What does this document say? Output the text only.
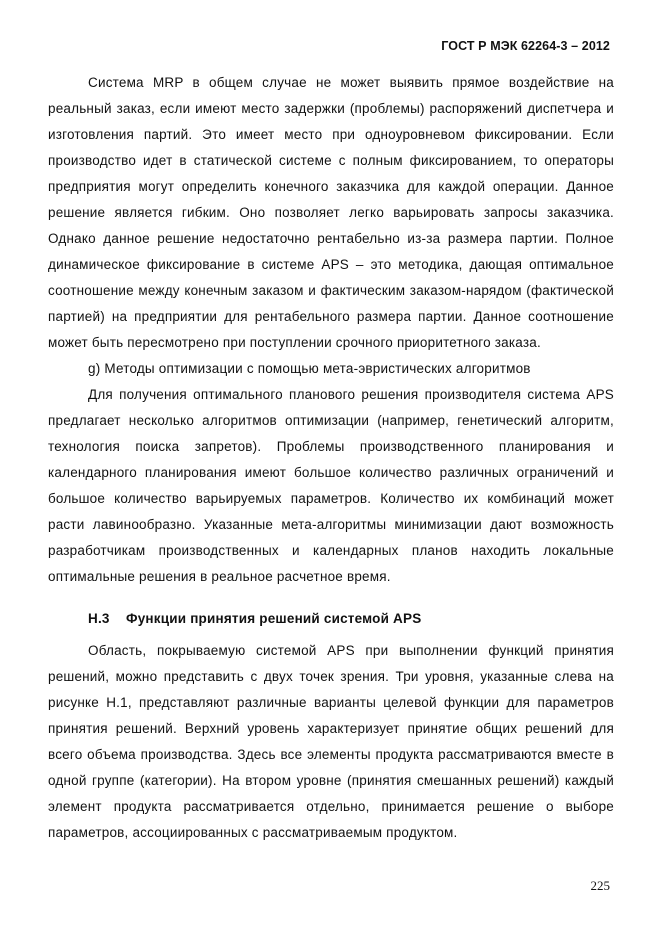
ГОСТ Р МЭК 62264-3 – 2012

Система MRP в общем случае не может выявить прямое воздействие на реальный заказ, если имеют место задержки (проблемы) распоряжений диспетчера и изготовления партий. Это имеет место при одноуровневом фиксировании. Если производство идет в статической системе с полным фиксированием, то операторы предприятия могут определить конечного заказчика для каждой операции. Данное решение является гибким. Оно позволяет легко варьировать запросы заказчика. Однако данное решение недостаточно рентабельно из-за размера партии. Полное динамическое фиксирование в системе APS – это методика, дающая оптимальное соотношение между конечным заказом и фактическим заказом-нарядом (фактической партией) на предприятии для рентабельного размера партии. Данное соотношение может быть пересмотрено при поступлении срочного приоритетного заказа.

g) Методы оптимизации с помощью мета-эвристических алгоритмов

Для получения оптимального планового решения производителя система APS предлагает несколько алгоритмов оптимизации (например, генетический алгоритм, технология поиска запретов). Проблемы производственного планирования и календарного планирования имеют большое количество различных ограничений и большое количество варьируемых параметров. Количество их комбинаций может расти лавинообразно. Указанные мета-алгоритмы минимизации дают возможность разработчикам производственных и календарных планов находить локальные оптимальные решения в реальное расчетное время.

Н.3 Функции принятия решений системой APS

Область, покрываемую системой APS при выполнении функций принятия решений, можно представить с двух точек зрения. Три уровня, указанные слева на рисунке Н.1, представляют различные варианты целевой функции для параметров принятия решений. Верхний уровень характеризует принятие общих решений для всего объема производства. Здесь все элементы продукта рассматриваются вместе в одной группе (категории). На втором уровне (принятия смешанных решений) каждый элемент продукта рассматривается отдельно, принимается решение о выборе параметров, ассоциированных с рассматриваемым продуктом.

225
